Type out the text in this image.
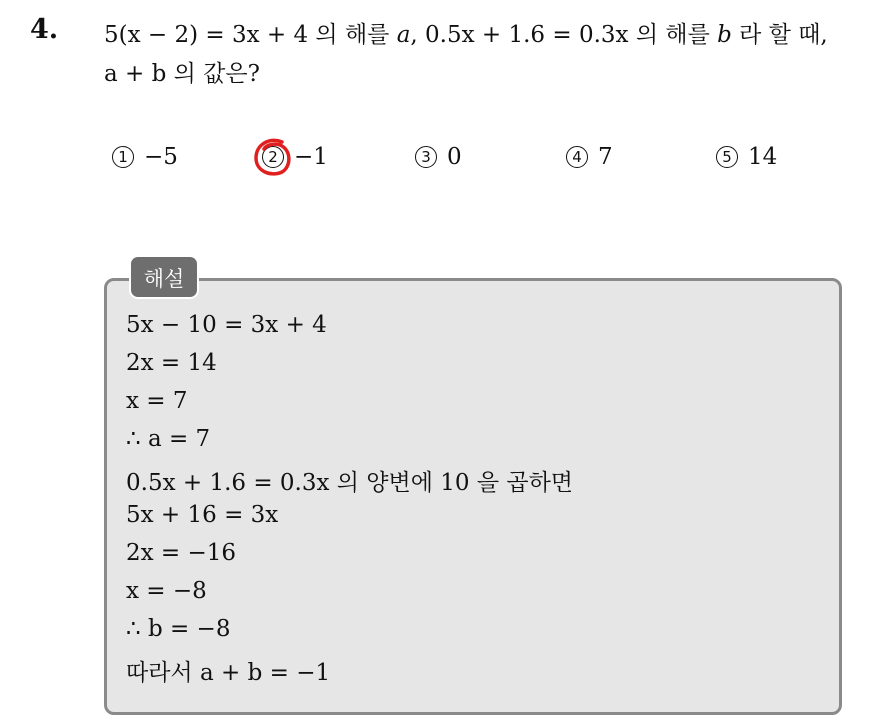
4. 5(x − 2) = 3x + 4 의 해를 a, 0.5x + 1.6 = 0.3x 의 해를 b 라 할 때,
a + b 의 값은?
1 −5	2 −1	3 0	4 7	5 14
해설
5x − 10 = 3x + 4
2x = 14
x = 7
∴ a = 7
0.5x + 1.6 = 0.3x 의 양변에 10 을 곱하면
5x + 16 = 3x
2x = −16
x = −8
∴ b = −8
따라서 a + b = −1
